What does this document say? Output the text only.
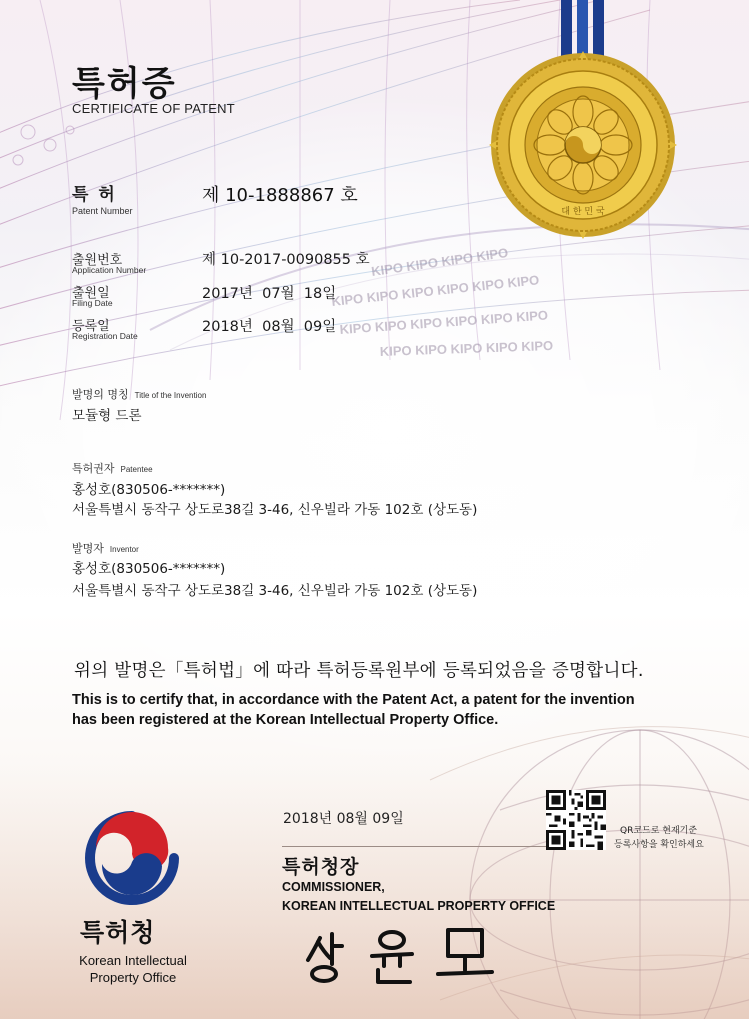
KIPO KIPO KIPO KIPO
KIPO KIPO KIPO KIPO KIPO KIPO
KIPO KIPO KIPO KIPO KIPO KIPO
KIPO KIPO KIPO KIPO KIPO
대 한 민 국
특허증
CERTIFICATE OF PATENT
특 허
Patent Number
제 10-1888867 호
출원번호
Application Number
제 10-2017-0090855 호
출원일
Filing Date
2017년  07월  18일
등록일
Registration Date
2018년  08월  09일
발명의 명칭 Title of the Invention
모듈형 드론
특허권자 Patentee
홍성호(830506-*******)
서울특별시 동작구 상도로38길 3-46, 신우빌라 가동 102호 (상도동)
발명자 Inventor
홍성호(830506-*******)
서울특별시 동작구 상도로38길 3-46, 신우빌라 가동 102호 (상도동)
위의 발명은「특허법」에 따라 특허등록원부에 등록되었음을 증명합니다.
This is to certify that, in accordance with the Patent Act, a patent for the invention
has been registered at the Korean Intellectual Property Office.
2018년 08월 09일
특허청장
COMMISSIONER,
KOREAN INTELLECTUAL PROPERTY OFFICE
QR코드로 현재기준
등록사항을 확인하세요
특허청
Korean Intellectual
Property Office
